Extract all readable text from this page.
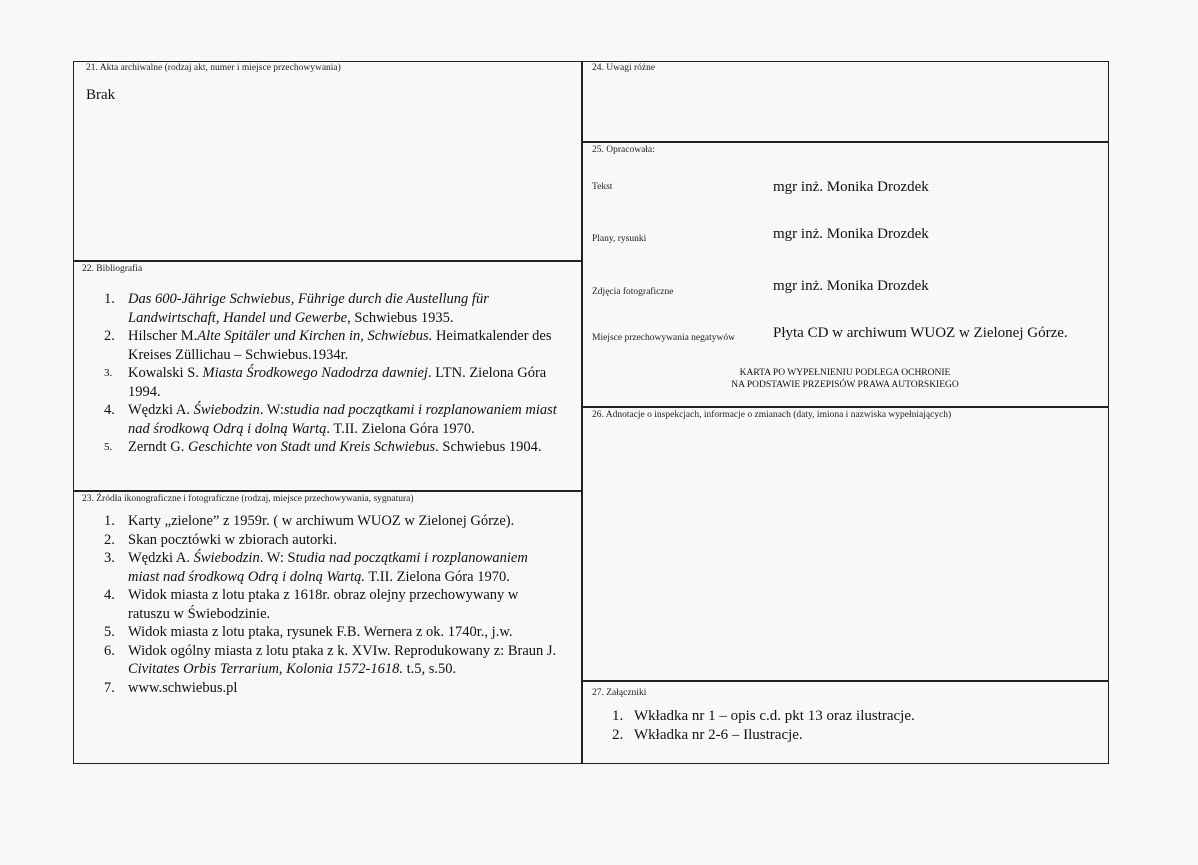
21. Akta archiwalne (rodzaj akt, numer i miejsce przechowywania)
Brak
22. Bibliografia
1. Das 600-Jährige Schwiebus, Führige durch die Austellung für Landwirtschaft, Handel und Gewerbe, Schwiebus 1935.
2. Hilscher M.Alte Spitäler und Kirchen in, Schwiebus. Heimatkalender des Kreises Züllichau – Schwiebus.1934r.
3. Kowalski S. Miasta Środkowego Nadodrza dawniej. LTN. Zielona Góra 1994.
4. Wędzki A. Świebodzin. W:studia nad początkami i rozplanowaniem miast nad środkową Odrą i dolną Wartą. T.II. Zielona Góra 1970.
5. Zerndt G. Geschichte von Stadt und Kreis Schwiebus. Schwiebus 1904.
23. Źródła ikonograficzne i fotograficzne (rodzaj, miejsce przechowywania, sygnatura)
1. Karty „zielone” z 1959r. ( w archiwum WUOZ w Zielonej Górze).
2. Skan pocztówki w zbiorach autorki.
3. Wędzki A. Świebodzin. W: Studia nad początkami i rozplanowaniem miast nad środkową Odrą i dolną Wartą. T.II. Zielona Góra 1970.
4. Widok miasta z lotu ptaka z 1618r. obraz olejny przechowywany w ratuszu w Świebodzinie.
5. Widok miasta z lotu ptaka, rysunek F.B. Wernera z ok. 1740r., j.w.
6. Widok ogólny miasta z lotu ptaka z k. XVIw. Reprodukowany z: Braun J. Civitates Orbis Terrarium, Kolonia 1572-1618. t.5, s.50.
7. www.schwiebus.pl
24. Uwagi różne
25. Opracowała:
Tekst	mgr inż. Monika Drozdek
Plany, rysunki	mgr inż. Monika Drozdek
Zdjęcia fotograficzne	mgr inż. Monika Drozdek
Miejsce przechowywania negatywów	Płyta CD w archiwum WUOZ w Zielonej Górze.
KARTA PO WYPEŁNIENIU PODLEGA OCHRONIE
NA PODSTAWIE PRZEPISÓW PRAWA AUTORSKIEGO
26. Adnotacje o inspekcjach, informacje o zmianach (daty, imiona i nazwiska wypełniających)
27. Załączniki
1. Wkładka nr 1 – opis c.d. pkt 13 oraz ilustracje.
2. Wkładka nr 2-6 – Ilustracje.
